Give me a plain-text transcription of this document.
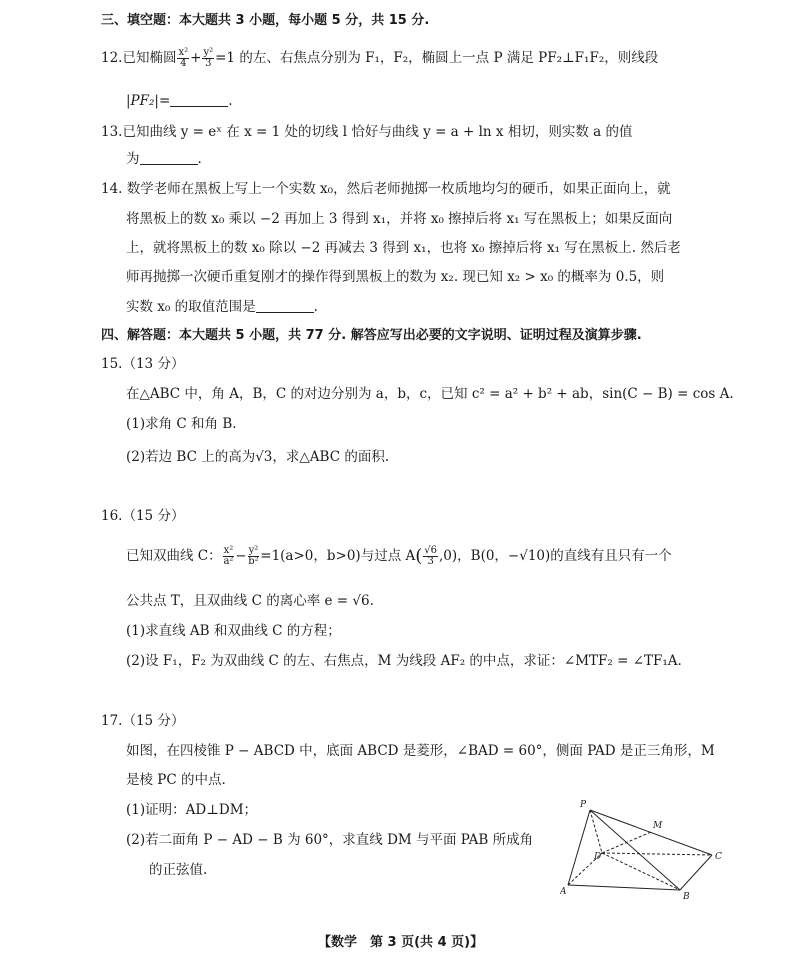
三、填空题：本大题共 3 小题，每小题 5 分，共 15 分.
12.已知椭圆 $\frac{\text{x²}}{4} + \frac{\text{y²}}{3} =1$ 的左、右焦点分别为 F₁，F₂，椭圆上一点 P 满足 PF₂⊥F₁F₂，则线段
|PF₂|=	.
13.已知曲线 y = eˣ 在 x = 1 处的切线 l 恰好与曲线 y = a + ln x 相切，则实数 a 的值
为	.
14. 数学老师在黑板上写上一个实数 x₀，然后老师抛掷一枚质地均匀的硬币，如果正面向上，就
将黑板上的数 x₀ 乘以 −2 再加上 3 得到 x₁，并将 x₀ 擦掉后将 x₁ 写在黑板上；如果反面向
上，就将黑板上的数 x₀ 除以 −2 再减去 3 得到 x₁，也将 x₀ 擦掉后将 x₁ 写在黑板上. 然后老
师再抛掷一次硬币重复刚才的操作得到黑板上的数为 x₂. 现已知 x₂ > x₀ 的概率为 0.5，则
实数 x₀ 的取值范围是	.
四、解答题：本大题共 5 小题，共 77 分. 解答应写出必要的文字说明、证明过程及演算步骤.
15.（13 分）
在△ABC 中，角 A，B，C 的对边分别为 a，b，c，已知 c² = a² + b² + ab，sin(C − B) = cos A.
(1)求角 C 和角 B.
(2)若边 BC 上的高为√3，求△ABC 的面积.
16.（15 分）
已知双曲线 C： $\frac{\text{x²}}{\text{a²}} - \frac{\text{y²}}{\text{b²}} =1(a>0$，b>0)与过点 $A( \frac{√6}{3} ,0)$，B(0，−√10)的直线有且只有一个
公共点 T，且双曲线 C 的离心率 e = √6.
(1)求直线 AB 和双曲线 C 的方程；
(2)设 F₁，F₂ 为双曲线 C 的左、右焦点，M 为线段 AF₂ 的中点，求证：∠MTF₂ = ∠TF₁A.
17.（15 分）
如图，在四棱锥 P − ABCD 中，底面 ABCD 是菱形，∠BAD = 60°，侧面 PAD 是正三角形，M
是棱 PC 的中点.
(1)证明：AD⊥DM；
(2)若二面角 P − AD − B 为 60°，求直线 DM 与平面 PAB 所成角
的正弦值.
P
M
D	C
A	B
【数学　第 3 页(共 4 页)】
